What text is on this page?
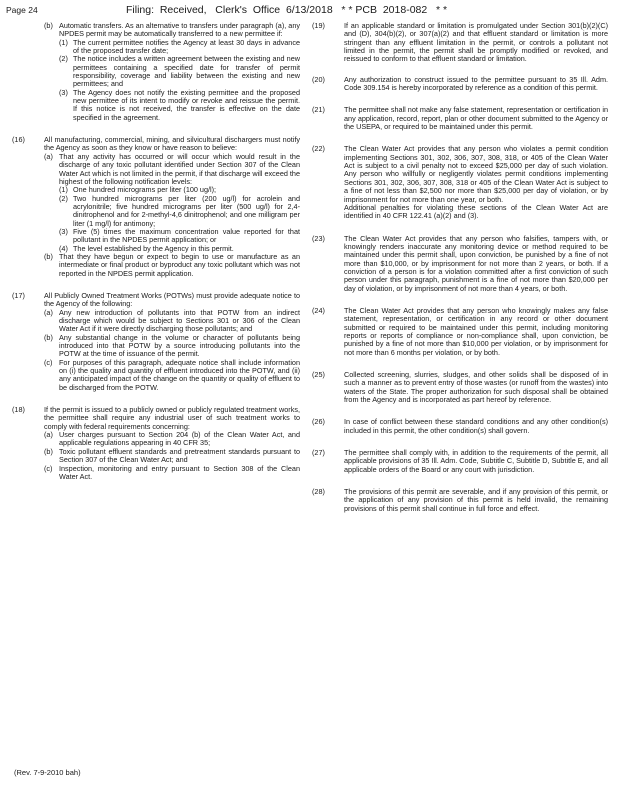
Page 24	Filing:  Received,   Clerk's  Office  6/13/2018   * * PCB  2018-082   * *
(b) Automatic transfers. As an alternative to transfers under paragraph (a), any NPDES permit may be automatically transferred to a new permittee if:

(1) The current permittee notifies the Agency at least 30 days in advance of the proposed transfer date;

(2) The notice includes a written agreement between the existing and new permittees containing a specified date for transfer of permit responsibility, coverage and liability between the existing and new permittees; and

(3) The Agency does not notify the existing permittee and the proposed new permittee of its intent to modify or revoke and reissue the permit. If this notice is not received, the transfer is effective on the date specified in the agreement.

(16)	All manufacturing, commercial, mining, and silvicultural dischargers must notify the Agency as soon as they know or have reason to believe:

(a) That any activity has occurred or will occur which would result in the discharge of any toxic pollutant identified under Section 307 of the Clean Water Act which is not limited in the permit, if that discharge will exceed the highest of the following notification levels:

(1) One hundred micrograms per liter (100 ug/l);

(2) Two hundred micrograms per liter (200 ug/l) for acrolein and acrylonitrile; five hundred micrograms per liter (500 ug/l) for 2,4-dinitrophenol and for 2-methyl-4,6 dinitrophenol; and one milligram per liter (1 mg/l) for antimony;

(3) Five (5) times the maximum concentration value reported for that pollutant in the NPDES permit application; or

(4) The level established by the Agency in this permit.

(b) That they have begun or expect to begin to use or manufacture as an intermediate or final product or byproduct any toxic pollutant which was not reported in the NPDES permit application.

(17)	All Publicly Owned Treatment Works (POTWs) must provide adequate notice to the Agency of the following:

(a) Any new introduction of pollutants into that POTW from an indirect discharge which would be subject to Sections 301 or 306 of the Clean Water Act if it were directly discharging those pollutants; and

(b) Any substantial change in the volume or character of pollutants being introduced into that POTW by a source introducing pollutants into the POTW at the time of issuance of the permit.

(c) For purposes of this paragraph, adequate notice shall include information on (i) the quality and quantity of effluent introduced into the POTW, and (ii) any anticipated impact of the change on the quantity or quality of effluent to be discharged from the POTW.

(18)	If the permit is issued to a publicly owned or publicly regulated treatment works, the permittee shall require any industrial user of such treatment works to comply with federal requirements concerning:

(a) User charges pursuant to Section 204 (b) of the Clean Water Act, and applicable regulations appearing in 40 CFR 35;

(b) Toxic pollutant effluent standards and pretreatment standards pursuant to Section 307 of the Clean Water Act; and

(c) Inspection, monitoring and entry pursuant to Section 308 of the Clean Water Act.

(19)	If an applicable standard or limitation is promulgated under Section 301(b)(2)(C) and (D), 304(b)(2), or 307(a)(2) and that effluent standard or limitation is more stringent than any effluent limitation in the permit, or controls a pollutant not limited in the permit, the permit shall be promptly modified or revoked, and reissued to conform to that effluent standard or limitation.

(20)	Any authorization to construct issued to the permittee pursuant to 35 Ill. Adm. Code 309.154 is hereby incorporated by reference as a condition of this permit.

(21)	The permittee shall not make any false statement, representation or certification in any application, record, report, plan or other document submitted to the Agency or the USEPA, or required to be maintained under this permit.

(22)	The Clean Water Act provides that any person who violates a permit condition implementing Sections 301, 302, 306, 307, 308, 318, or 405 of the Clean Water Act is subject to a civil penalty not to exceed $25,000 per day of such violation. Any person who willfully or negligently violates permit conditions implementing Sections 301, 302, 306, 307, 308, 318 or 405 of the Clean Water Act is subject to a fine of not less than $2,500 nor more than $25,000 per day of violation, or by imprisonment for not more than one year, or both.

Additional penalties for violating these sections of the Clean Water Act are identified in 40 CFR 122.41 (a)(2) and (3).

(23)	The Clean Water Act provides that any person who falsifies, tampers with, or knowingly renders inaccurate any monitoring device or method required to be maintained under this permit shall, upon conviction, be punished by a fine of not more than $10,000, or by imprisonment for not more than 2 years, or both. If a conviction of a person is for a violation committed after a first conviction of such person under this paragraph, punishment is a fine of not more than $20,000 per day of violation, or by imprisonment of not more than 4 years, or both.

(24)	The Clean Water Act provides that any person who knowingly makes any false statement, representation, or certification in any record or other document submitted or required to be maintained under this permit, including monitoring reports or reports of compliance or non-compliance shall, upon conviction, be punished by a fine of not more than $10,000 per violation, or by imprisonment for not more than 6 months per violation, or by both.

(25)	Collected screening, slurries, sludges, and other solids shall be disposed of in such a manner as to prevent entry of those wastes (or runoff from the wastes) into waters of the State. The proper authorization for such disposal shall be obtained from the Agency and is incorporated as part hereof by reference.

(26)	In case of conflict between these standard conditions and any other condition(s) included in this permit, the other condition(s) shall govern.

(27)	The permittee shall comply with, in addition to the requirements of the permit, all applicable provisions of 35 Ill. Adm. Code, Subtitle C, Subtitle D, Subtitle E, and all applicable orders of the Board or any court with jurisdiction.

(28)	The provisions of this permit are severable, and if any provision of this permit, or the application of any provision of this permit is held invalid, the remaining provisions of this permit shall continue in full force and effect.

(Rev. 7-9-2010 bah)
